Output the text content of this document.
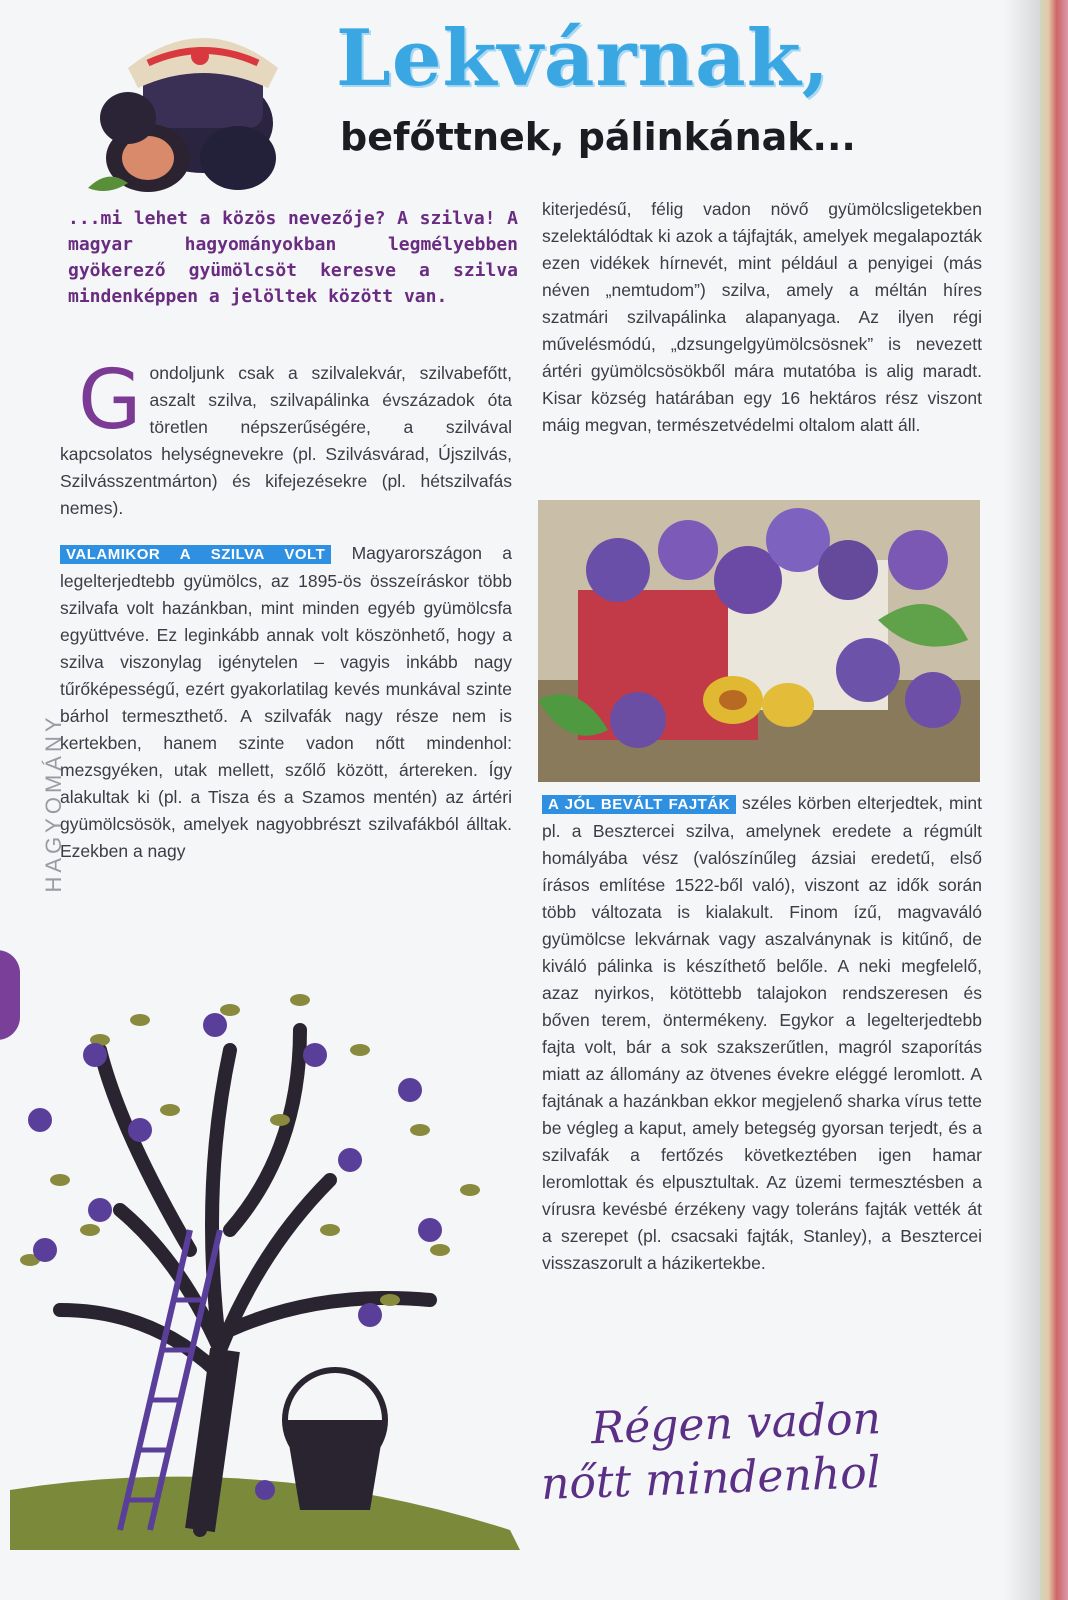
Lekvárnak,
befőttnek, pálinkának...
...mi lehet a közös nevezője? A szilva! A magyar hagyományokban legmélyebben gyökerező gyümölcsöt keresve a szilva mindenképpen a jelöltek között van.
Gondoljunk csak a szilvalekvár, szilvabefőtt, aszalt szilva, szilvapálinka évszázadok óta töretlen népszerűségére, a szilvával kapcsolatos helységnevekre (pl. Szilvásvárad, Újszilvás, Szilvásszentmárton) és kifejezésekre (pl. hétszilvafás nemes).
VALAMIKOR A SZILVA VOLT Magyarországon a legelterjedtebb gyümölcs, az 1895-ös összeíráskor több szilvafa volt hazánkban, mint minden egyéb gyümölcsfa együttvéve. Ez leginkább annak volt köszönhető, hogy a szilva viszonylag igénytelen – vagyis inkább nagy tűrőképességű, ezért gyakorlatilag kevés munkával szinte bárhol termeszthető. A szilvafák nagy része nem is kertekben, hanem szinte vadon nőtt mindenhol: mezsgyéken, utak mellett, szőlő között, ártereken. Így alakultak ki (pl. a Tisza és a Szamos mentén) az ártéri gyümölcsösök, amelyek nagyobbrészt szilvafákból álltak. Ezekben a nagy
kiterjedésű, félig vadon növő gyümölcsligetekben szelektálódtak ki azok a tájfajták, amelyek megalapozták ezen vidékek hírnevét, mint például a penyigei (más néven „nemtudom”) szilva, amely a méltán híres szatmári szilvapálinka alapanyaga. Az ilyen régi művelésmódú, „dzsungelgyümölcsösnek” is nevezett ártéri gyümölcsösökből mára mutatóba is alig maradt. Kisar község határában egy 16 hektáros rész viszont máig megvan, természetvédelmi oltalom alatt áll.
A JÓL BEVÁLT FAJTÁK széles körben elterjedtek, mint pl. a Besztercei szilva, amelynek eredete a régmúlt homályába vész (valószínűleg ázsiai eredetű, első írásos említése 1522-ből való), viszont az idők során több változata is kialakult. Finom ízű, magvaváló gyümölcse lekvárnak vagy aszalványnak is kitűnő, de kiváló pálinka is készíthető belőle. A neki megfelelő, azaz nyirkos, kötöttebb talajokon rendszeresen és bőven terem, öntermékeny. Egykor a legelterjedtebb fajta volt, bár a sok szakszerűtlen, magról szaporítás miatt az állomány az ötvenes évekre eléggé leromlott. A fajtának a hazánkban ekkor megjelenő sharka vírus tette be végleg a kaput, amely betegség gyorsan terjedt, és a szilvafák a fertőzés következtében igen hamar leromlottak és elpusztultak. Az üzemi termesztésben a vírusra kevésbé érzékeny vagy toleráns fajták vették át a szerepet (pl. csacsaki fajták, Stanley), a Besztercei visszaszorult a házikertekbe.
HAGYOMÁNY
Régen vadon
nőtt mindenhol
